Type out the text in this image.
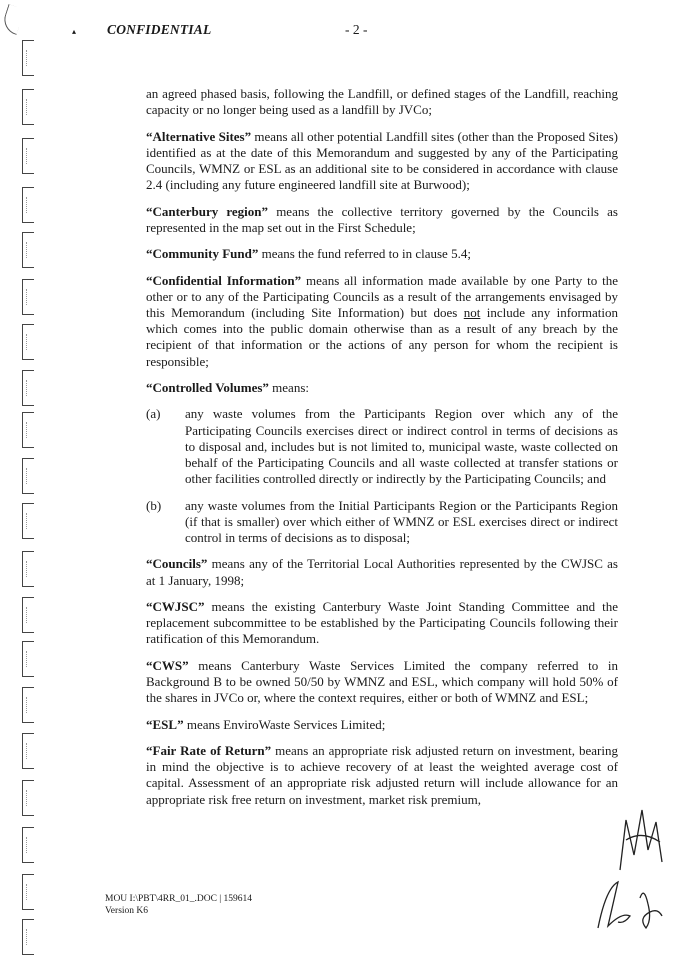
▴ CONFIDENTIAL	- 2 -

an agreed phased basis, following the Landfill, or defined stages of the Landfill, reaching capacity or no longer being used as a landfill by JVCo;

“Alternative Sites” means all other potential Landfill sites (other than the Proposed Sites) identified as at the date of this Memorandum and suggested by any of the Participating Councils, WMNZ or ESL as an additional site to be considered in accordance with clause 2.4 (including any future engineered landfill site at Burwood);

“Canterbury region” means the collective territory governed by the Councils as represented in the map set out in the First Schedule;

“Community Fund” means the fund referred to in clause 5.4;

“Confidential Information” means all information made available by one Party to the other or to any of the Participating Councils as a result of the arrangements envisaged by this Memorandum (including Site Information) but does not include any information which comes into the public domain otherwise than as a result of any breach by the recipient of that information or the actions of any person for whom the recipient is responsible;

“Controlled Volumes” means:

(a) any waste volumes from the Participants Region over which any of the Participating Councils exercises direct or indirect control in terms of decisions as to disposal and, includes but is not limited to, municipal waste, waste collected on behalf of the Participating Councils and all waste collected at transfer stations or other facilities controlled directly or indirectly by the Participating Councils; and
(b) any waste volumes from the Initial Participants Region or the Participants Region (if that is smaller) over which either of WMNZ or ESL exercises direct or indirect control in terms of decisions as to disposal;

“Councils” means any of the Territorial Local Authorities represented by the CWJSC as at 1 January, 1998;

“CWJSC” means the existing Canterbury Waste Joint Standing Committee and the replacement subcommittee to be established by the Participating Councils following their ratification of this Memorandum.

“CWS” means Canterbury Waste Services Limited the company referred to in Background B to be owned 50/50 by WMNZ and ESL, which company will hold 50% of the shares in JVCo or, where the context requires, either or both of WMNZ and ESL;

“ESL” means EnviroWaste Services Limited;

“Fair Rate of Return” means an appropriate risk adjusted return on investment, bearing in mind the objective is to achieve recovery of at least the weighted average cost of capital. Assessment of an appropriate risk adjusted return will include allowance for an appropriate risk free return on investment, market risk premium,

MOU I:\PBT\4RR_01_.DOC | 159614
Version K6
